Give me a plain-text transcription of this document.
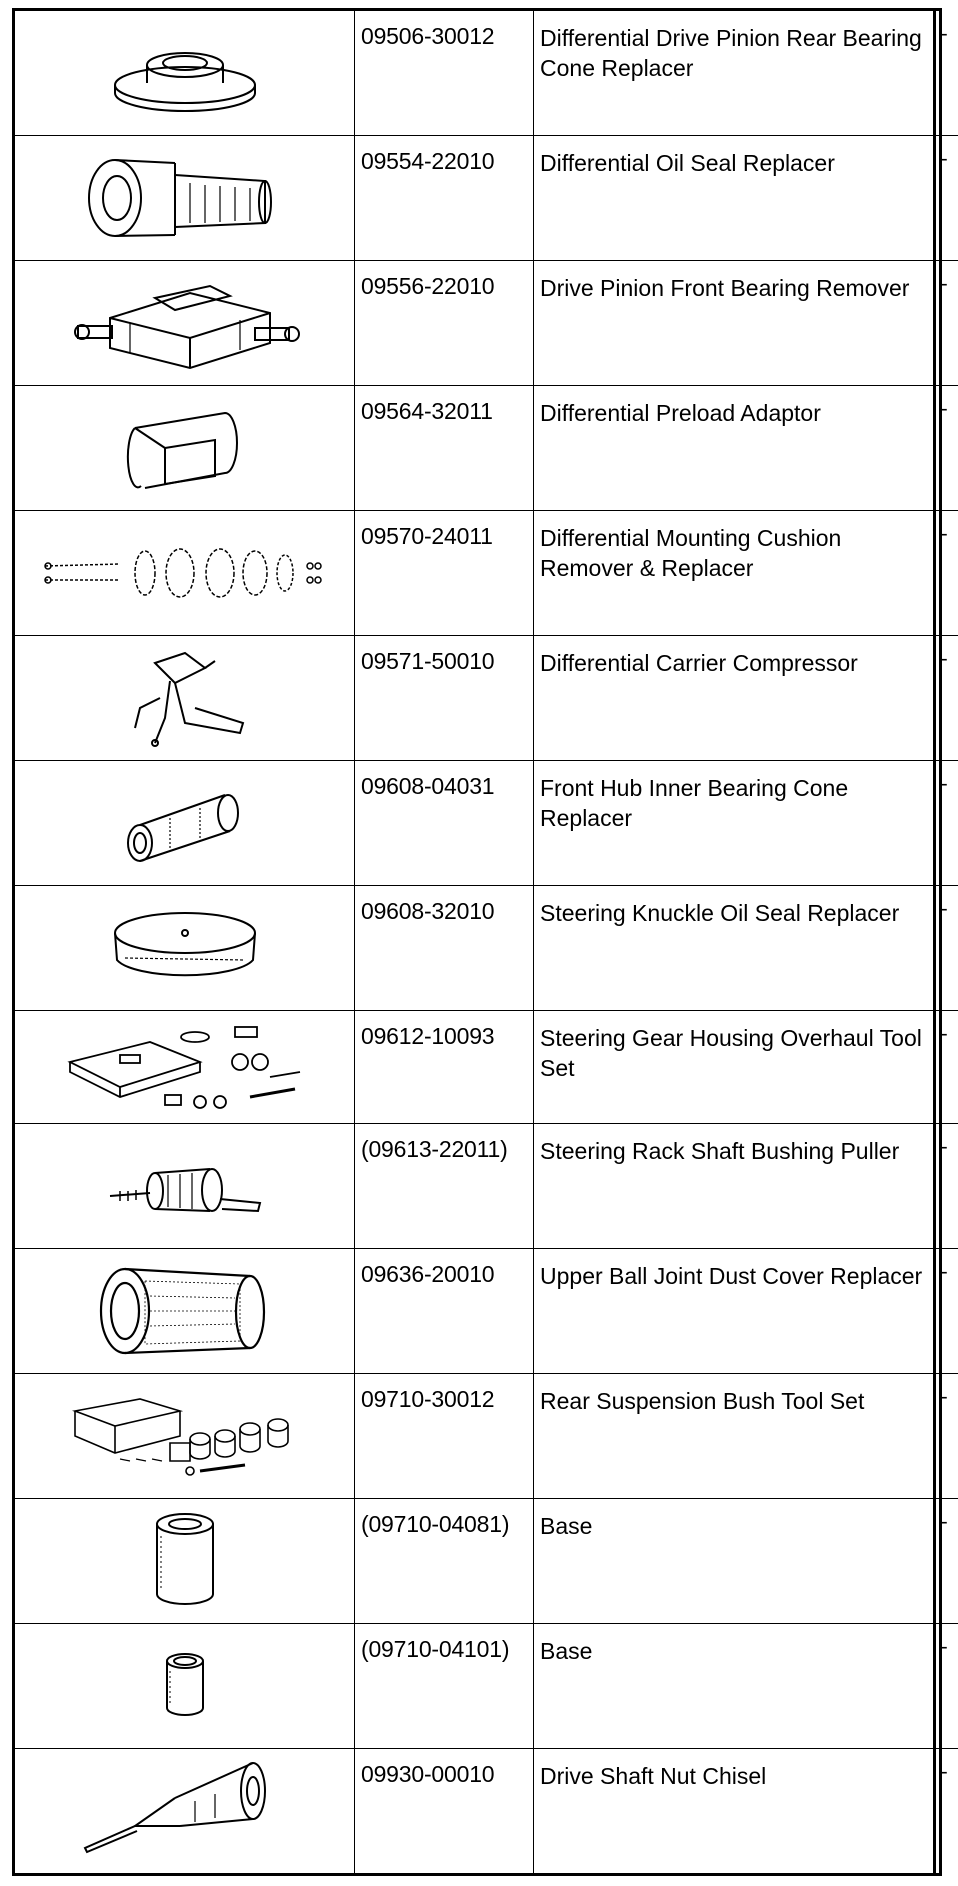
	09506-30012	Differential Drive Pinion Rear Bearing Cone Replacer	-

	09554-22010	Differential Oil Seal Replacer	-

	09556-22010	Drive Pinion Front Bearing Remover	-

	09564-32011	Differential Preload Adaptor	-

	09570-24011	Differential Mounting Cushion Remover & Replacer	-

	09571-50010	Differential Carrier Compressor	-

	09608-04031	Front Hub Inner Bearing Cone Replacer	-

	09608-32010	Steering Knuckle Oil Seal Replacer	-

	09612-10093	Steering Gear Housing Overhaul Tool Set	-

	(09613-22011)	Steering Rack Shaft Bushing Puller	-

	09636-20010	Upper Ball Joint Dust Cover Replacer	-

	09710-30012	Rear Suspension Bush Tool Set	-

	(09710-04081)	Base	-

	(09710-04101)	Base	-

	09930-00010	Drive Shaft Nut Chisel	-
